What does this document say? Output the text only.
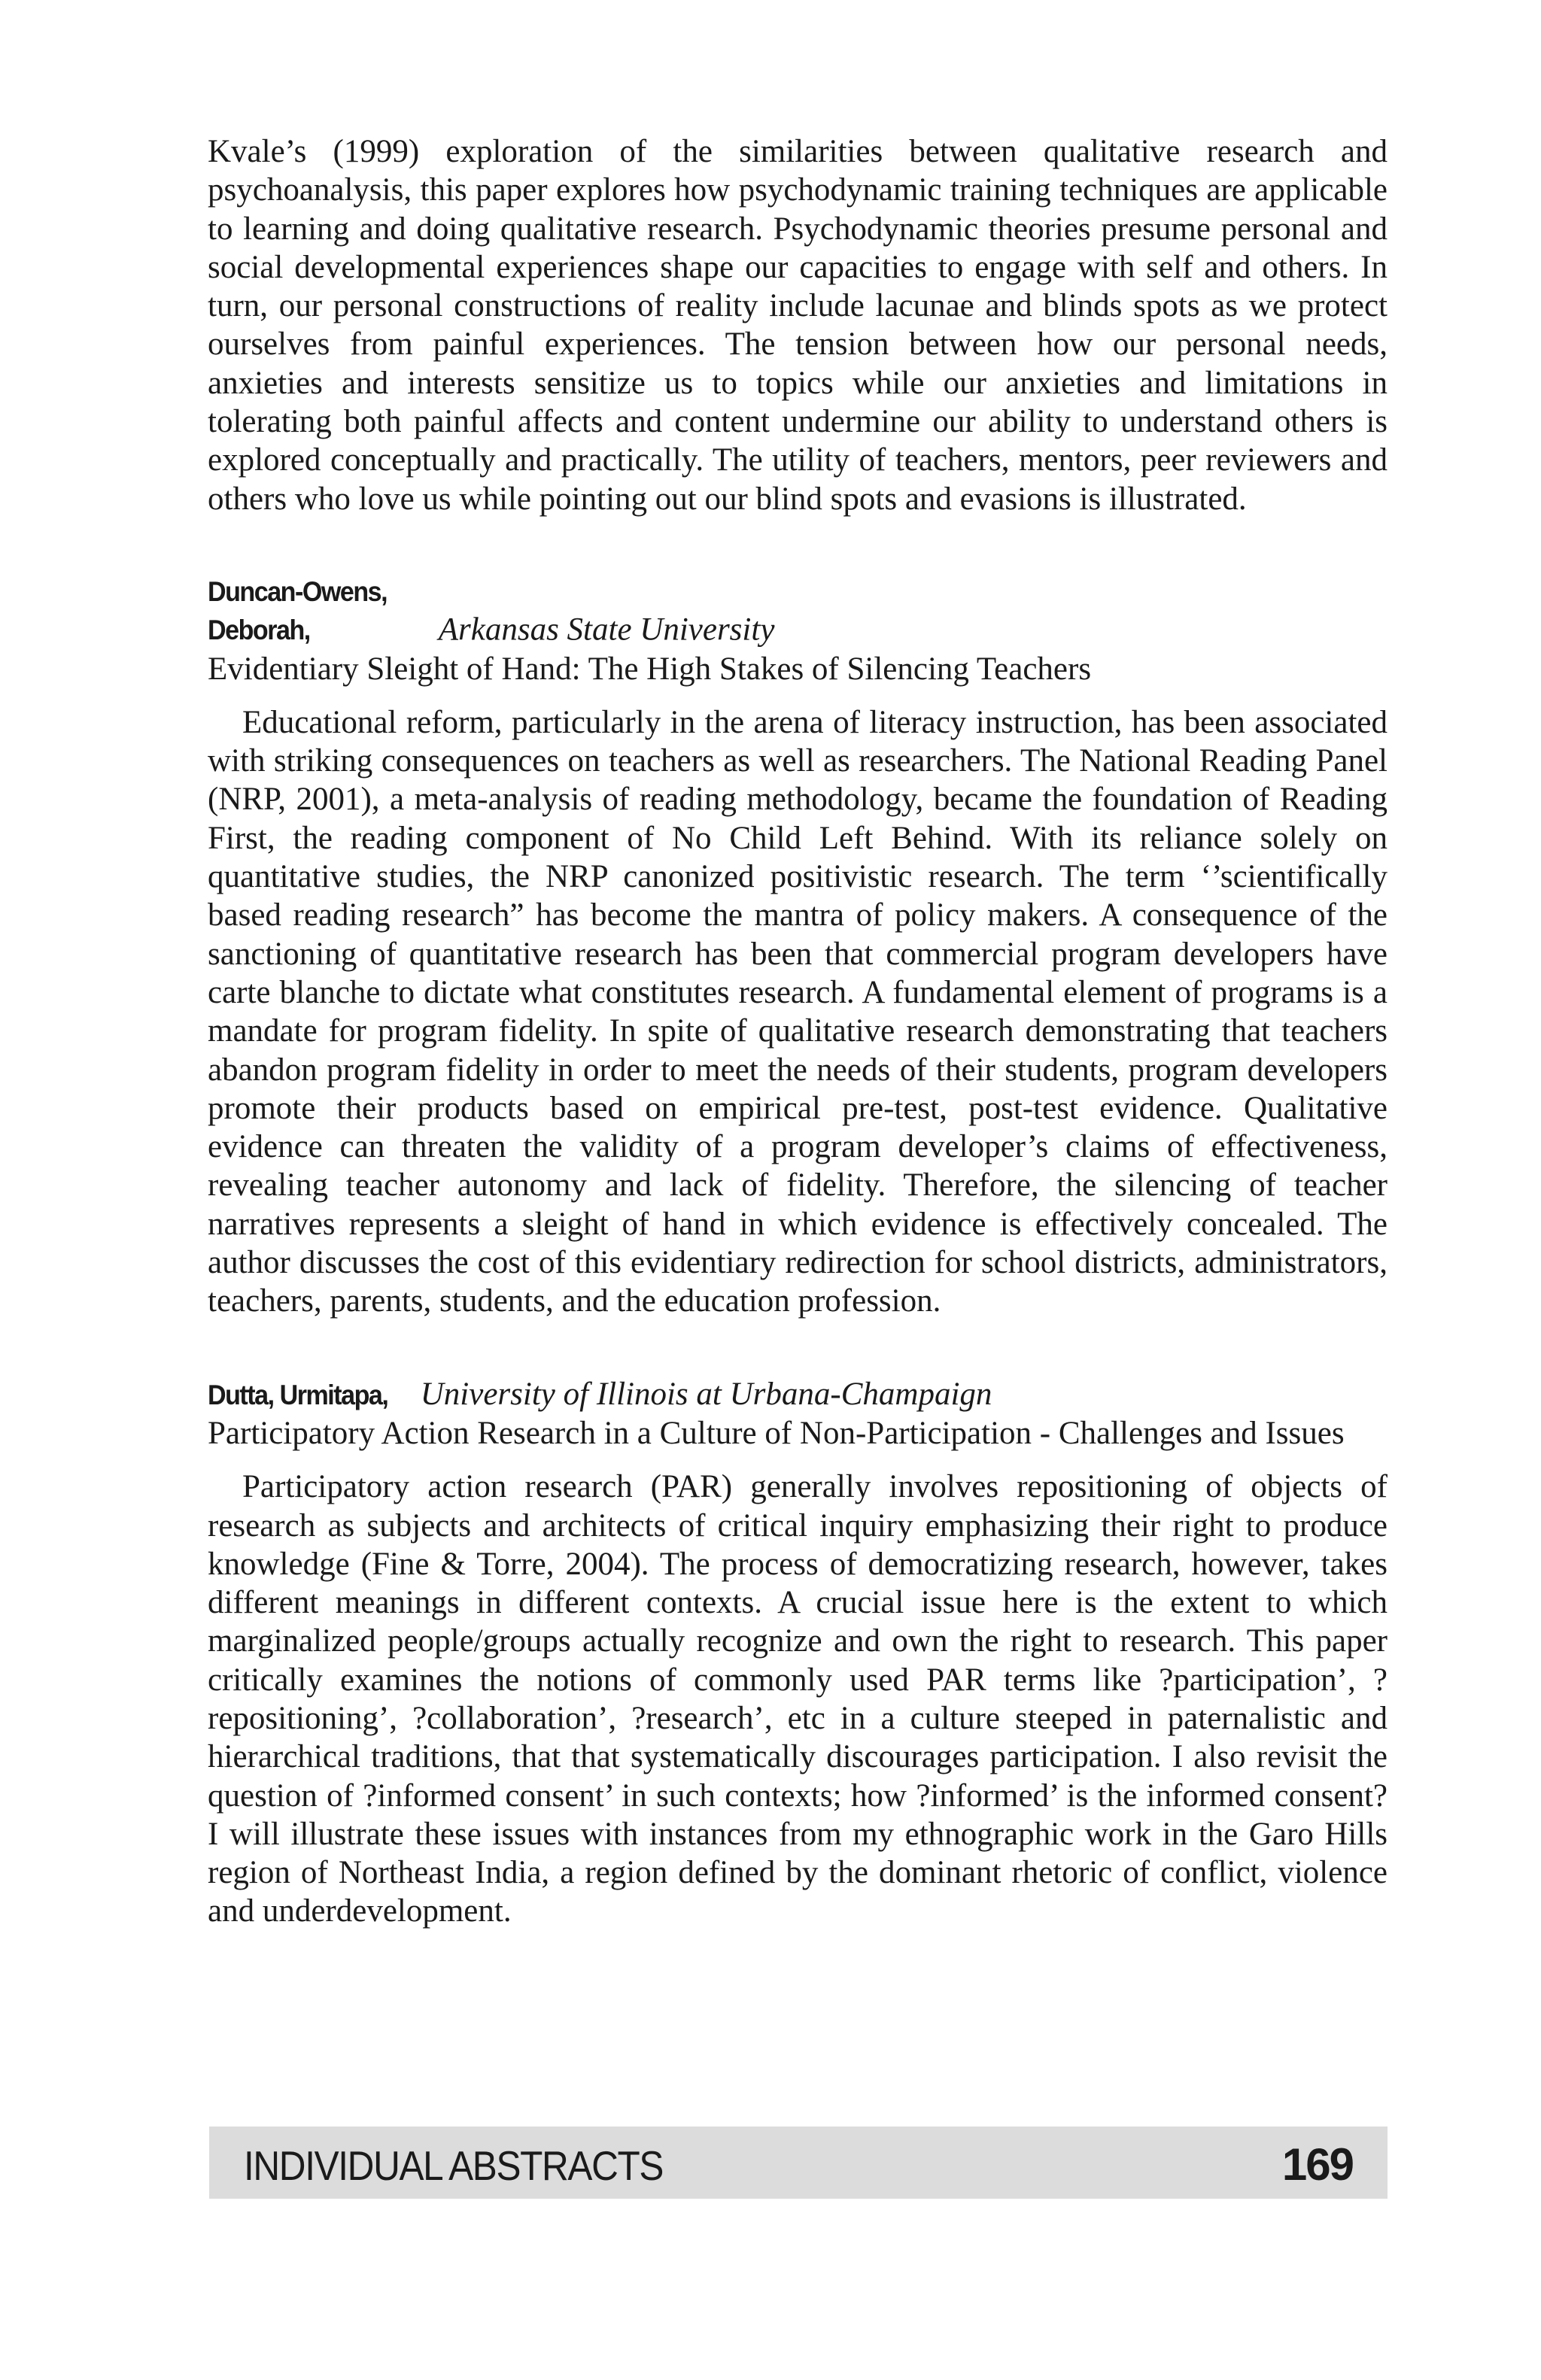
Kvale’s (1999) exploration of the similarities between qualitative research and psychoanalysis, this paper explores how psychodynamic training techniques are applicable to learning and doing qualitative research. Psychodynamic theories presume personal and social developmental experiences shape our capacities to engage with self and others. In turn, our personal constructions of reality include lacunae and blinds spots as we protect ourselves from painful experiences. The tension between how our personal needs, anxieties and interests sensitize us to topics while our anxieties and limitations in tolerating both painful affects and content undermine our ability to understand others is explored conceptually and practically. The utility of teachers, mentors, peer reviewers and others who love us while pointing out our blind spots and evasions is illustrated.

Duncan-Owens, Deborah,	Arkansas State University

Evidentiary Sleight of Hand: The High Stakes of Silencing Teachers

Educational reform, particularly in the arena of literacy instruction, has been associated with striking consequences on teachers as well as researchers. The National Reading Panel (NRP, 2001), a meta-analysis of reading methodology, became the foundation of Reading First, the reading component of No Child Left Behind. With its reliance solely on quantitative studies, the NRP canonized positivistic research. The term ‘’scientifically based reading research” has become the mantra of policy makers. A consequence of the sanctioning of quantitative research has been that commercial program developers have carte blanche to dictate what constitutes research. A fundamental element of programs is a mandate for program fidelity. In spite of qualitative research demonstrating that teachers abandon program fidelity in order to meet the needs of their students, program developers promote their products based on empirical pre-test, post-test evidence. Qualitative evidence can threaten the validity of a program developer’s claims of effectiveness, revealing teacher autonomy and lack of fidelity. Therefore, the silencing of teacher narratives represents a sleight of hand in which evidence is effectively concealed. The author discusses the cost of this evidentiary redirection for school districts, administrators, teachers, parents, students, and the education profession.

Dutta, Urmitapa, University of Illinois at Urbana-Champaign

Participatory Action Research in a Culture of Non-Participation - Challenges and Issues

Participatory action research (PAR) generally involves repositioning of objects of research as subjects and architects of critical inquiry emphasizing their right to produce knowledge (Fine & Torre, 2004). The process of democratizing research, however, takes different meanings in different contexts. A crucial issue here is the extent to which marginalized people/groups actually recognize and own the right to research. This paper critically examines the notions of commonly used PAR terms like ?participation’, ?repositioning’, ?collaboration’, ?research’, etc in a culture steeped in paternalistic and hierarchical traditions, that that systematically discourages participation. I also revisit the question of ?informed consent’ in such contexts; how ?informed’ is the informed consent? I will illustrate these issues with instances from my ethnographic work in the Garo Hills region of Northeast India, a region defined by the dominant rhetoric of conflict, violence and underdevelopment.

INDIVIDUAL ABSTRACTS	169
